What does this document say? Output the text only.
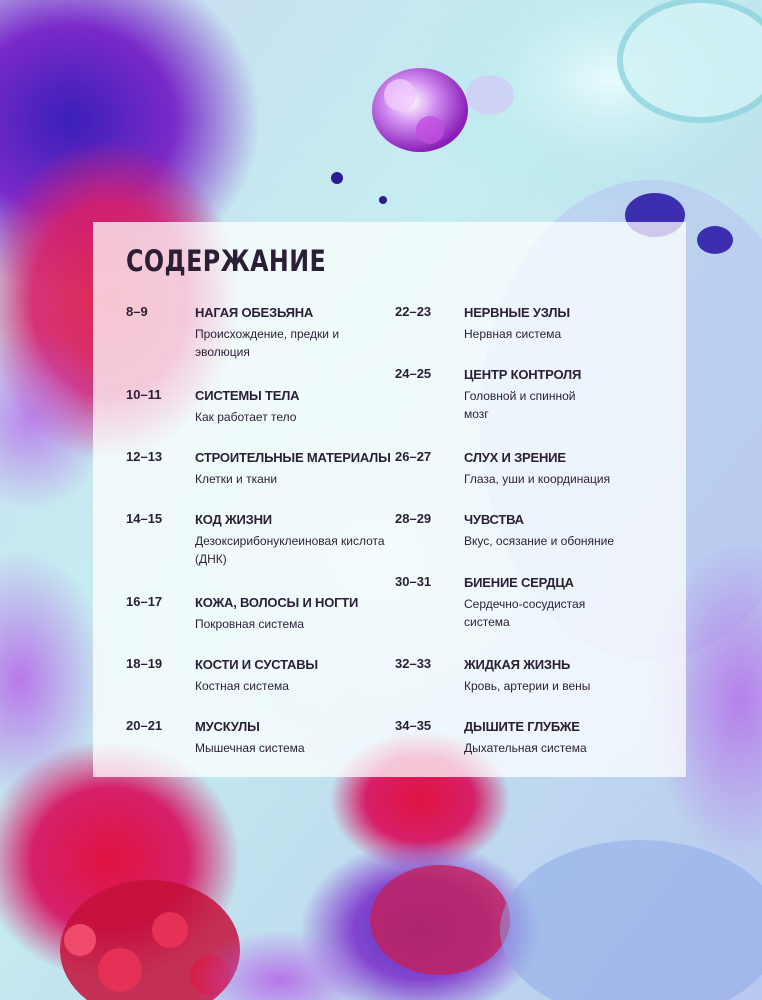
СОДЕРЖАНИЕ
8–9	НАГАЯ ОБЕЗЬЯНА
Происхождение, предки и эволюция
10–11	СИСТЕМЫ ТЕЛА
Как работает тело
12–13	СТРОИТЕЛЬНЫЕ МАТЕРИАЛЫ
Клетки и ткани
14–15	КОД ЖИЗНИ
Дезоксирибонуклеиновая кислота (ДНК)
16–17	КОЖА, ВОЛОСЫ И НОГТИ
Покровная система
18–19	КОСТИ И СУСТАВЫ
Костная система
20–21	МУСКУЛЫ
Мышечная система
22–23	НЕРВНЫЕ УЗЛЫ
Нервная система
24–25	ЦЕНТР КОНТРОЛЯ
Головной и спинной мозг
26–27	СЛУХ И ЗРЕНИЕ
Глаза, уши и координация
28–29	ЧУВСТВА
Вкус, осязание и обоняние
30–31	БИЕНИЕ СЕРДЦА
Сердечно-сосудистая система
32–33	ЖИДКАЯ ЖИЗНЬ
Кровь, артерии и вены
34–35	ДЫШИТЕ ГЛУБЖЕ
Дыхательная система
